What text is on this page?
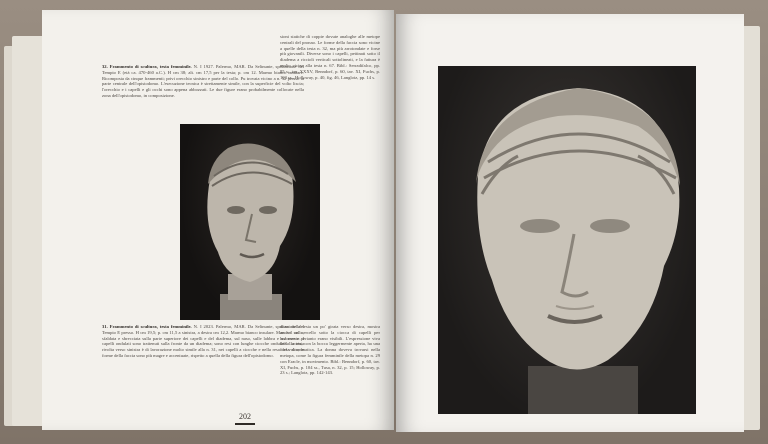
32. Frammento di scultura, testa femminile. N. I 1927. Palermo, MAR. Da Selinunte, spoliazione del Tempio E (età ca. 470-460 a.C.). H cm 38; alt. cm 17,5 per la testa; p. cm 12. Marmo bianco insulare. Ricomposta da cinque frammenti; privi orecchio sinistro e parte del collo. Pu trovata vicino a n. 32 presso la parte centrale dell'opistodomo. L'esecuzione tecnica è strettamente simile, con la superficie del volto liscia; l'orecchio e i capelli e gli occhi sono appena abbozzati. Le due figure erano probabilmente collocate nella zona dell'opistodomo, in composizione.
31. Frammento di scultura, testa femminile. N. I 2023. Palermo, MAR. Da Selinunte, spoliazione del Tempio E presso. H cm 19,5; p. cm 11,5 a sinistra, a destra cm 12,2. Marmo bianco insulare. Manca il collo, sfaldata e sbrecciata sulla parte superiore dei capelli e del diadema, sul naso, sulle labbra e sul mento. I capelli ondulati sono trattenuti sulla fronte da un diadema; sono resi con lunghe ciocche ondulate. La testa rivolta verso sinistra è di lavorazione molto simile alla n. 31, nei capelli a ciocche e nella resa del volto; le forme della faccia sono più magre e accentuate, rispetto a quella della figura dell'opistodomo.
202
sioni statiche di coppie dovute analoghe alle metope centrali del pronao. Le forme della faccia sono vicine a quelle della testa n. 32, ma più arrotondate e forse più giovanili. Diverse sono i capelli, pettinati sotto il diadema a riccioli verticali sottolineati, e la fattura è molto vicina alla testa n. 67. Bibl.: Serradifalco, pp. 85 s., tav. XXXV, Benndorf, p. 60, tav. XI, Fuchs, p. 103 ss., Holloway, p. 40, fig. 46, Langlotz, pp. 14 s.
dona della testa un po' girata verso destra, mostra anche un cercello sotto la ciocca di capelli per lavorare e pertanto erano visibili. L'espressione viva della faccia, con la bocca leggermente aperta, ha una forza drammatica. La donna doveva trovarsi nella metopa, come la figura femminile della metopa n. 29 con Eracle, in movimento. Bibl.: Benndorf, p. 60, tav. XI, Fuchs, p. 104 ss., Tusa, n. 32, p. 15; Holloway, p. 23 s.; Langlotz, pp. 142-143.
